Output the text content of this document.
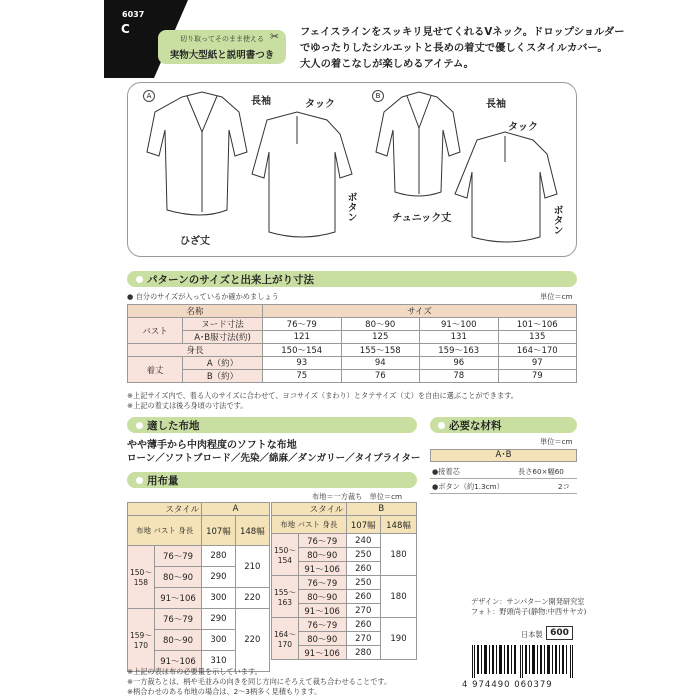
6037
C
切り取ってそのまま使える
実物大型紙と説明書つき
✂ フェイスラインをスッキリ見せてくれるVネック。ドロップショルダー
でゆったりしたシルエットと長めの着丈で優しくスタイルカバー。
大人の着こなしが楽しめるアイテム。
A	長袖	タック
ボタン
ひざ丈
B
長袖
タック
ボタン
チュニック丈
パターンのサイズと出来上がり寸法
● 自分のサイズが入っているか確かめましょう	単位＝cm
名称		サイズ			
バスト	ヌード寸法	76〜79	80〜90	91〜100	101〜106
	A･B服寸法(約)	121	125	131	135
身長		150〜154	155〜158	159〜163	164〜170
着丈	A（約）	93	94	96	97
	B（約）	75	76	78	79
※上記サイズ内で、着る人のサイズに合わせて、ヨコサイズ（まわり）とタテサイズ（丈）を自由に選ぶことができます。
※上記の着丈は後ろ身頃の寸法です。
適した布地
やや薄手から中肉程度のソフトな布地
ローン／ソフトブロード／先染／綿麻／ダンガリー／タイプライター
必要な材料
単位＝cm
A･B
●接着芯	長さ60×幅60
●ボタン（約1.3cm）	2コ
用布量
布地＝一方裁ち　単位＝cm
スタイル		A	
布地 バスト 身長		107幅	148幅
150〜158	76〜79	280	210
	80〜90	290	
	91〜106	300	220
159〜170	76〜79	290	220
	80〜90	300	
	91〜106	310	
スタイル		B	
布地 バスト 身長		107幅	148幅
150〜154	76〜79	240	180
	80〜90	250	
	91〜106	260	
155〜163	76〜79	250	180
	80〜90	260	
	91〜106	270	
164〜170	76〜79	260	190
	80〜90	270	
	91〜106	280	
※上記の表は布の必要量を示しています。
※一方裁ちとは、柄や毛並みの向きを同じ方向にそろえて裁ち合わせることです。
※柄合わせのある布地の場合は、2〜3柄多く見積もります。
デザイン：サンパターン開発研究室
フォト：野頭尚子(静物:中西サヤカ)
日本製 600
4 974490 060379
